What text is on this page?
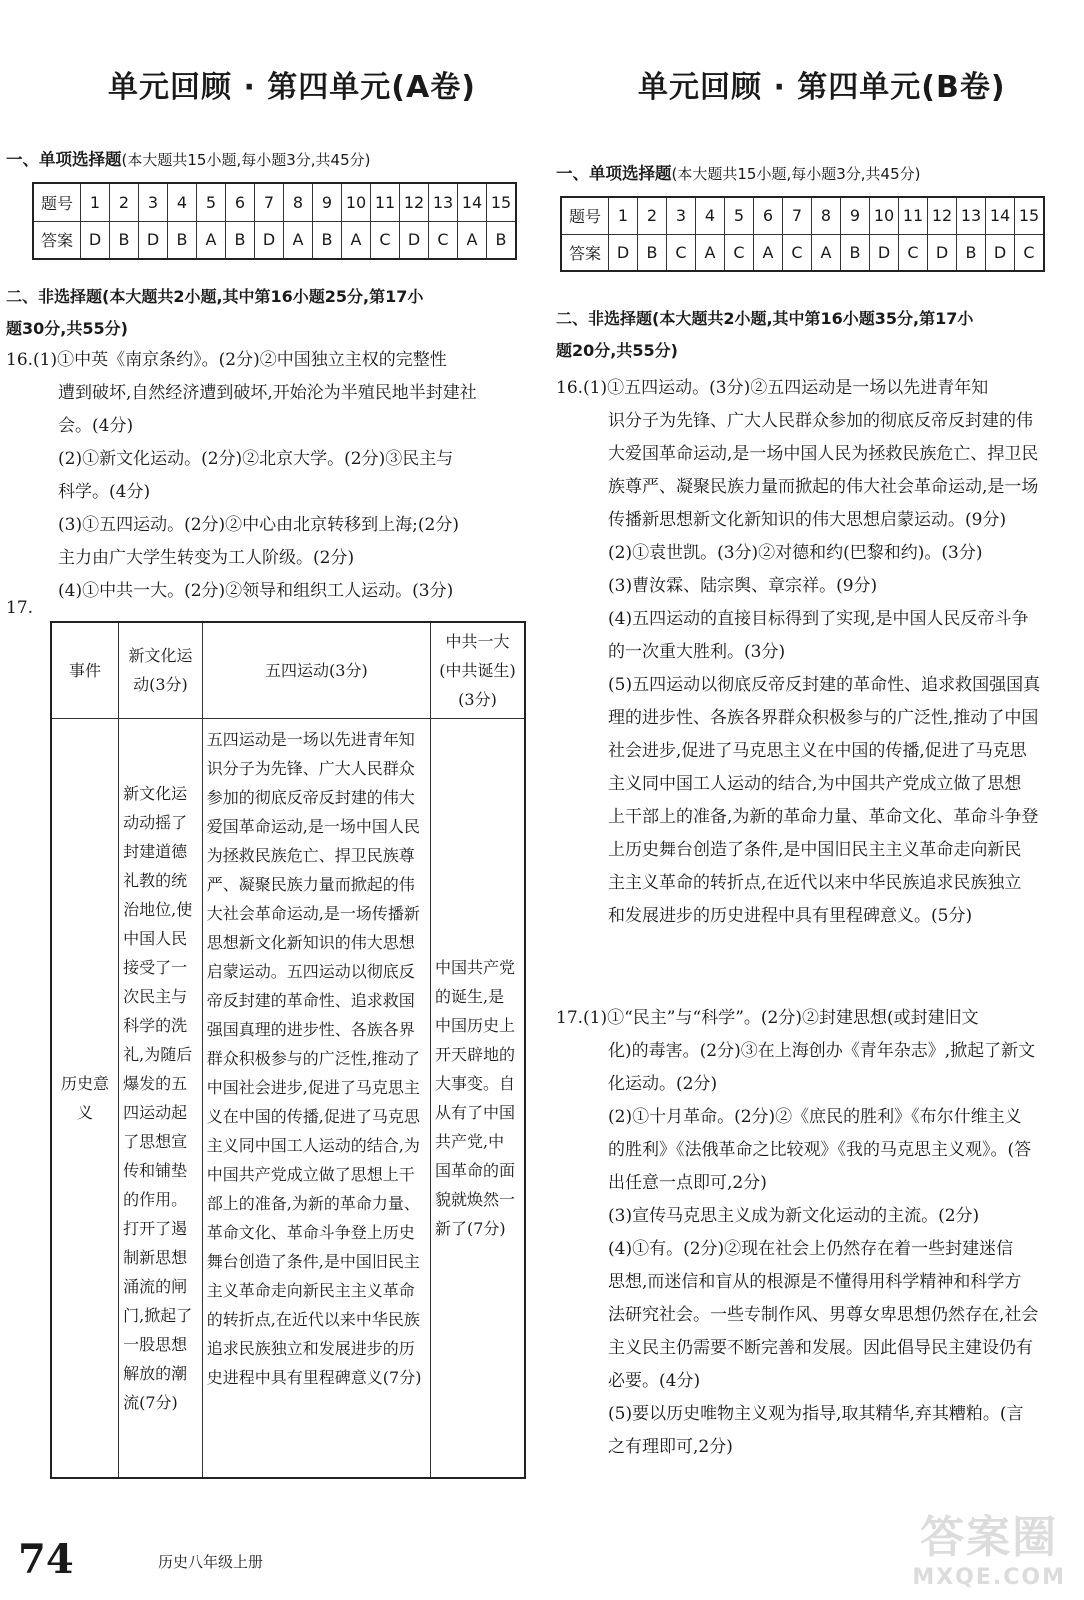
单元回顾 · 第四单元(A卷)
一、单项选择题(本大题共15小题,每小题3分,共45分)
题号	1	2	3	4	5	6	7	8	9	10	11	12	13	14	15
答案	D	B	D	B	A	B	D	A	B	A	C	D	C	A	B
二、非选择题(本大题共2小题,其中第16小题25分,第17小
题30分,共55分)

16.(1)①中英《南京条约》。(2分)②中国独立主权的完整性

遭到破坏,自然经济遭到破坏,开始沦为半殖民地半封建社

会。(4分)

(2)①新文化运动。(2分)②北京大学。(2分)③民主与

科学。(4分)

(3)①五四运动。(2分)②中心由北京转移到上海;(2分)

主力由广大学生转变为工人阶级。(2分)

(4)①中共一大。(2分)②领导和组织工人运动。(3分)

17.
事件	新文化运动(3分)	五四运动(3分)	中共一大(中共诞生)(3分)
历史意义	新文化运动动摇了封建道德礼教的统治地位,使中国人民接受了一次民主与科学的洗礼,为随后爆发的五四运动起了思想宣传和铺垫的作用。打开了遏制新思想涌流的闸门,掀起了一股思想解放的潮流(7分)	五四运动是一场以先进青年知识分子为先锋、广大人民群众参加的彻底反帝反封建的伟大爱国革命运动,是一场中国人民为拯救民族危亡、捍卫民族尊严、凝聚民族力量而掀起的伟大社会革命运动,是一场传播新思想新文化新知识的伟大思想启蒙运动。五四运动以彻底反帝反封建的革命性、追求救国强国真理的进步性、各族各界群众积极参与的广泛性,推动了中国社会进步,促进了马克思主义在中国的传播,促进了马克思主义同中国工人运动的结合,为中国共产党成立做了思想上干部上的准备,为新的革命力量、革命文化、革命斗争登上历史舞台创造了条件,是中国旧民主主义革命走向新民主主义革命的转折点,在近代以来中华民族追求民族独立和发展进步的历史进程中具有里程碑意义(7分)	中国共产党的诞生,是中国历史上开天辟地的大事变。自从有了中国共产党,中国革命的面貌就焕然一新了(7分)
单元回顾 · 第四单元(B卷)
一、单项选择题(本大题共15小题,每小题3分,共45分)
题号	1	2	3	4	5	6	7	8	9	10	11	12	13	14	15
答案	D	B	C	A	C	A	C	A	B	D	C	D	B	D	C
二、非选择题(本大题共2小题,其中第16小题35分,第17小
题20分,共55分)

16.(1)①五四运动。(3分)②五四运动是一场以先进青年知

识分子为先锋、广大人民群众参加的彻底反帝反封建的伟

大爱国革命运动,是一场中国人民为拯救民族危亡、捍卫民

族尊严、凝聚民族力量而掀起的伟大社会革命运动,是一场

传播新思想新文化新知识的伟大思想启蒙运动。(9分)

(2)①袁世凯。(3分)②对德和约(巴黎和约)。(3分)

(3)曹汝霖、陆宗舆、章宗祥。(9分)

(4)五四运动的直接目标得到了实现,是中国人民反帝斗争

的一次重大胜利。(3分)

(5)五四运动以彻底反帝反封建的革命性、追求救国强国真

理的进步性、各族各界群众积极参与的广泛性,推动了中国

社会进步,促进了马克思主义在中国的传播,促进了马克思

主义同中国工人运动的结合,为中国共产党成立做了思想

上干部上的准备,为新的革命力量、革命文化、革命斗争登

上历史舞台创造了条件,是中国旧民主主义革命走向新民

主主义革命的转折点,在近代以来中华民族追求民族独立

和发展进步的历史进程中具有里程碑意义。(5分)

17.(1)①“民主”与“科学”。(2分)②封建思想(或封建旧文

化)的毒害。(2分)③在上海创办《青年杂志》,掀起了新文

化运动。(2分)

(2)①十月革命。(2分)②《庶民的胜利》《布尔什维主义

的胜利》《法俄革命之比较观》《我的马克思主义观》。(答

出任意一点即可,2分)

(3)宣传马克思主义成为新文化运动的主流。(2分)

(4)①有。(2分)②现在社会上仍然存在着一些封建迷信

思想,而迷信和盲从的根源是不懂得用科学精神和科学方

法研究社会。一些专制作风、男尊女卑思想仍然存在,社会

主义民主仍需要不断完善和发展。因此倡导民主建设仍有

必要。(4分)

(5)要以历史唯物主义观为指导,取其精华,弃其糟粕。(言

之有理即可,2分)

74	历史八年级上册	答案圈
MXQE.COM
